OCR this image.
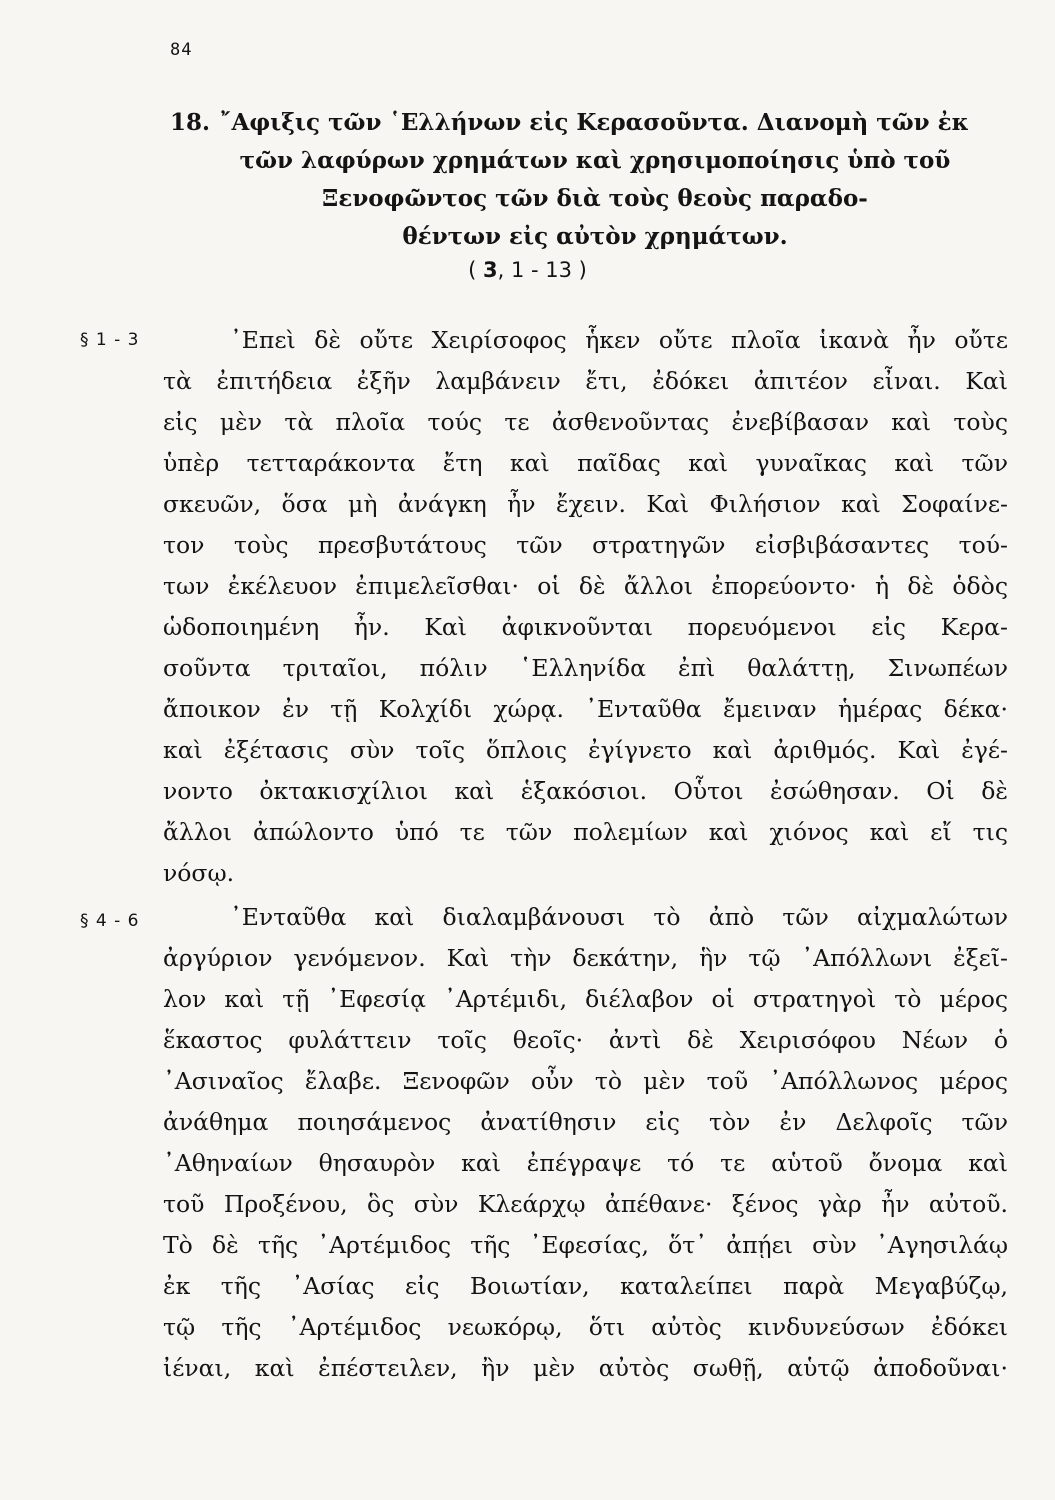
84
18. ῎Αφιξις τῶν ῾Ελλήνων εἰς Κερασοῦντα. Διανομὴ τῶν ἐκ
τῶν λαφύρων χρημάτων καὶ χρησιμοποίησις ὑπὸ τοῦ
Ξενοφῶντος τῶν διὰ τοὺς θεοὺς παραδο-
θέντων εἰς αὐτὸν χρημάτων.
( 3, 1 - 13 )
§ 1 - 3	᾿Επεὶ δὲ οὔτε Χειρίσοφος ἧκεν οὔτε πλοῖα ἱκανὰ ἦν οὔτε
τὰ ἐπιτήδεια ἐξῆν λαμβάνειν ἔτι, ἐδόκει ἀπιτέον εἶναι. Καὶ
εἰς μὲν τὰ πλοῖα τούς τε ἀσθενοῦντας ἐνεβίβασαν καὶ τοὺς
ὑπὲρ τετταράκοντα ἔτη καὶ παῖδας καὶ γυναῖκας καὶ τῶν
σκευῶν, ὅσα μὴ ἀνάγκη ἦν ἔχειν. Καὶ Φιλήσιον καὶ Σοφαίνε-
τον τοὺς πρεσβυτάτους τῶν στρατηγῶν εἰσβιβάσαντες τού-
των ἐκέλευον ἐπιμελεῖσθαι· οἱ δὲ ἄλλοι ἐπορεύοντο· ἡ δὲ ὁδὸς
ὡδοποιημένη ἦν. Καὶ ἀφικνοῦνται πορευόμενοι εἰς Κερα-
σοῦντα τριταῖοι, πόλιν ῾Ελληνίδα ἐπὶ θαλάττῃ, Σινωπέων
ἄποικον ἐν τῇ Κολχίδι χώρᾳ. ᾿Ενταῦθα ἔμειναν ἡμέρας δέκα·
καὶ ἐξέτασις σὺν τοῖς ὅπλοις ἐγίγνετο καὶ ἀριθμός. Καὶ ἐγέ-
νοντο ὀκτακισχίλιοι καὶ ἑξακόσιοι. Οὗτοι ἐσώθησαν. Οἱ δὲ
ἄλλοι ἀπώλοντο ὑπό τε τῶν πολεμίων καὶ χιόνος καὶ εἴ τις
νόσῳ.
§ 4 - 6	᾿Ενταῦθα καὶ διαλαμβάνουσι τὸ ἀπὸ τῶν αἰχμαλώτων
ἀργύριον γενόμενον. Καὶ τὴν δεκάτην, ἣν τῷ ᾿Απόλλωνι ἐξεῖ-
λον καὶ τῇ ᾿Εφεσίᾳ ᾿Αρτέμιδι, διέλαβον οἱ στρατηγοὶ τὸ μέρος
ἕκαστος φυλάττειν τοῖς θεοῖς· ἀντὶ δὲ Χειρισόφου Νέων ὁ
᾿Ασιναῖος ἔλαβε. Ξενοφῶν οὖν τὸ μὲν τοῦ ᾿Απόλλωνος μέρος
ἀνάθημα ποιησάμενος ἀνατίθησιν εἰς τὸν ἐν Δελφοῖς τῶν
᾿Αθηναίων θησαυρὸν καὶ ἐπέγραψε τό τε αὑτοῦ ὄνομα καὶ
τοῦ Προξένου, ὃς σὺν Κλεάρχῳ ἀπέθανε· ξένος γὰρ ἦν αὐτοῦ.
Τὸ δὲ τῆς ᾿Αρτέμιδος τῆς ᾿Εφεσίας, ὅτ᾿ ἀπῄει σὺν ᾿Αγησιλάῳ
ἐκ τῆς ᾿Ασίας εἰς Βοιωτίαν, καταλείπει παρὰ Μεγαβύζῳ,
τῷ τῆς ᾿Αρτέμιδος νεωκόρῳ, ὅτι αὐτὸς κινδυνεύσων ἐδόκει
ἰέναι, καὶ ἐπέστειλεν, ἢν μὲν αὐτὸς σωθῇ, αὑτῷ ἀποδοῦναι·
